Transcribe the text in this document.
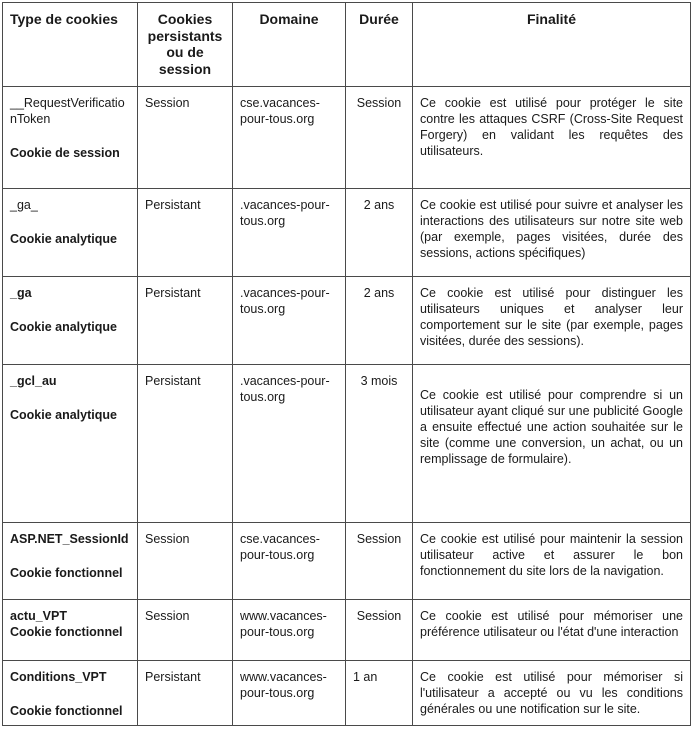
Type de cookies	Cookies persistants ou de session	Domaine	Durée	Finalité

__RequestVerificationToken
Cookie de session	Session	cse.vacances-pour-tous.org	Session	Ce cookie est utilisé pour protéger le site contre les attaques CSRF (Cross-Site Request Forgery) en validant les requêtes des utilisateurs.

_ga_
Cookie analytique	Persistant	.vacances-pour-tous.org	2 ans	Ce cookie est utilisé pour suivre et analyser les interactions des utilisateurs sur notre site web (par exemple, pages visitées, durée des sessions, actions spécifiques)

_ga
Cookie analytique	Persistant	.vacances-pour-tous.org	2 ans	Ce cookie est utilisé pour distinguer les utilisateurs uniques et analyser leur comportement sur le site (par exemple, pages visitées, durée des sessions).

_gcl_au
Cookie analytique	Persistant	.vacances-pour-tous.org	3 mois	Ce cookie est utilisé pour comprendre si un utilisateur ayant cliqué sur une publicité Google a ensuite effectué une action souhaitée sur le site (comme une conversion, un achat, ou un remplissage de formulaire).

ASP.NET_SessionId
Cookie fonctionnel	Session	cse.vacances-pour-tous.org	Session	Ce cookie est utilisé pour maintenir la session utilisateur active et assurer le bon fonctionnement du site lors de la navigation.

actu_VPT
Cookie fonctionnel	Session	www.vacances-pour-tous.org	Session	Ce cookie est utilisé pour mémoriser une préférence utilisateur ou l'état d'une interaction

Conditions_VPT
Cookie fonctionnel	Persistant	www.vacances-pour-tous.org	1 an	Ce cookie est utilisé pour mémoriser si l'utilisateur a accepté ou vu les conditions générales ou une notification sur le site.
